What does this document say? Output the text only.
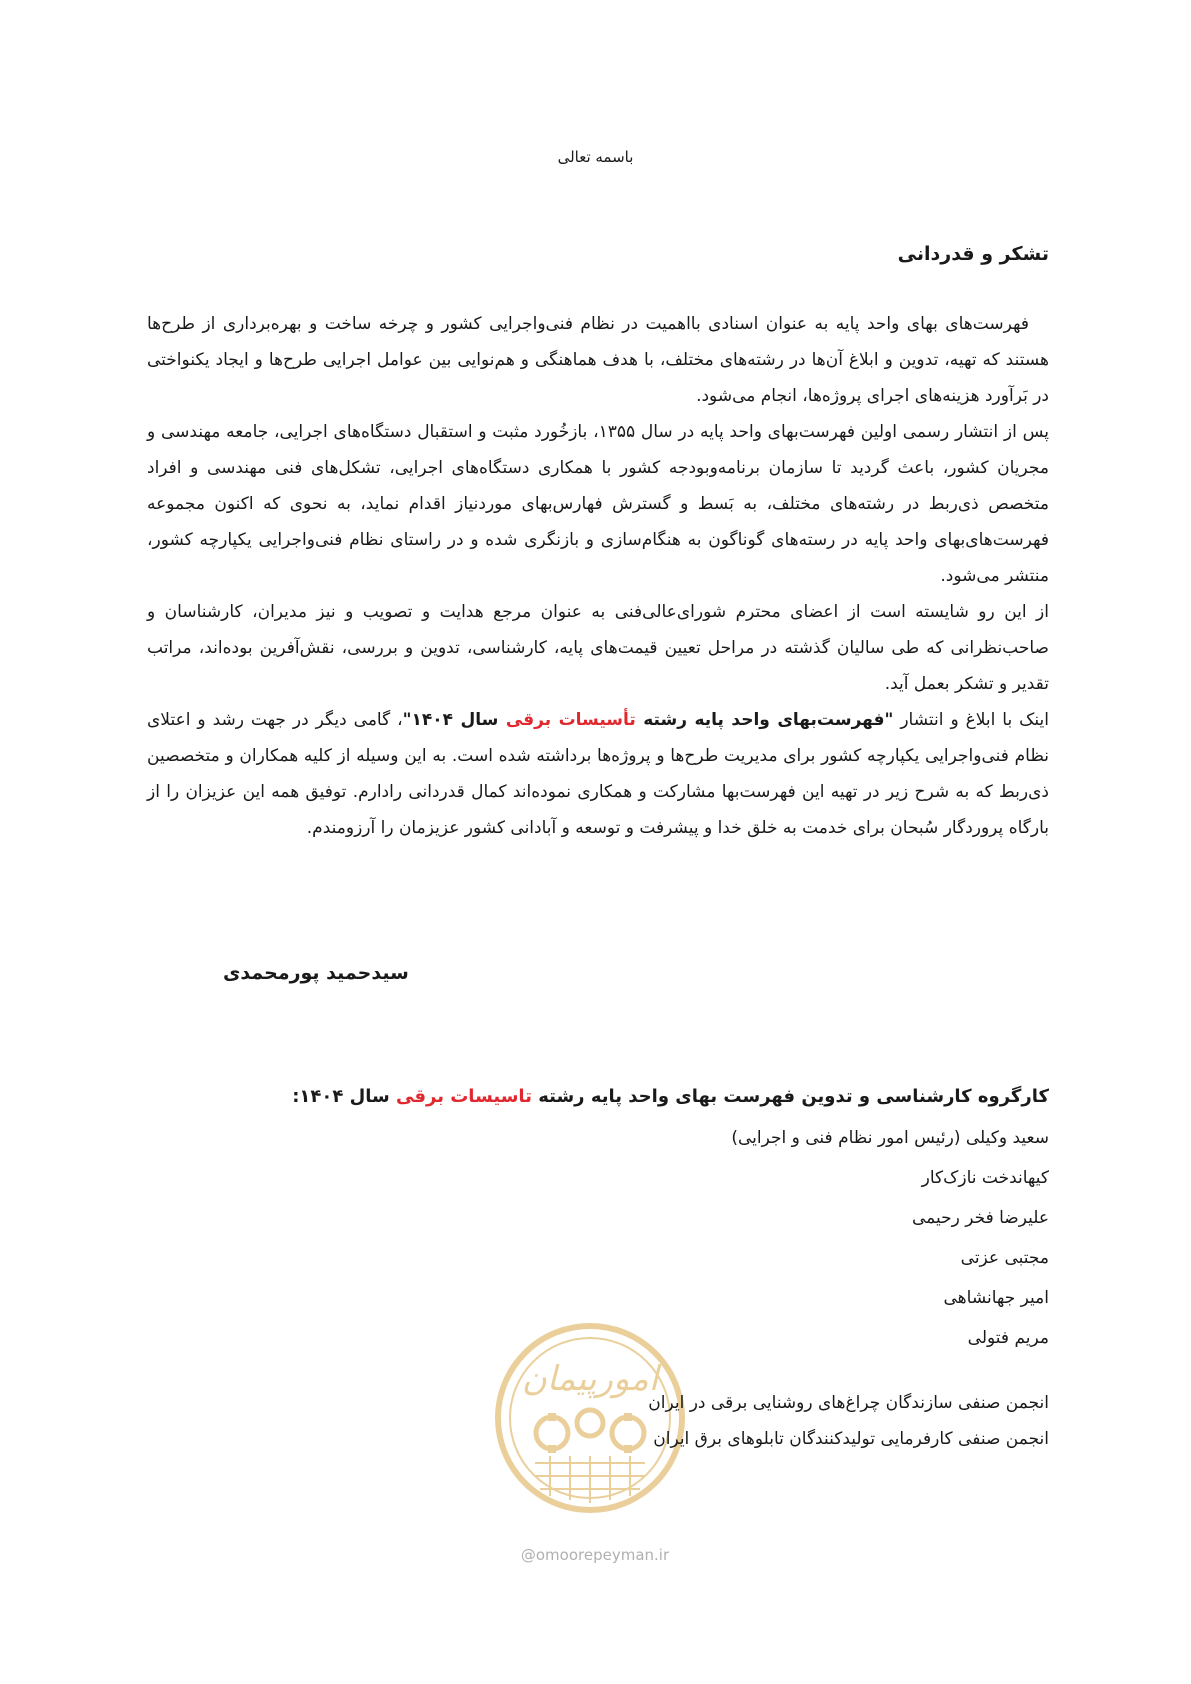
باسمه تعالی
تشکر و قدردانی

فهرست‌های بهای واحد پایه به عنوان اسنادی بااهمیت در نظام فنی‌واجرایی کشور و چرخه ساخت و بهره‌برداری از طرح‌ها هستند که تهیه، تدوین و ابلاغ آن‌ها در رشته‌های مختلف، با هدف هماهنگی و هم‌نوایی بین عوامل اجرایی طرح‌ها و ایجاد یکنواختی در بَرآورد هزینه‌های اجرای پروژه‌ها، انجام می‌شود.

پس از انتشار رسمی اولین فهرست‌بهای واحد پایه در سال ۱۳۵۵، بازخُورد مثبت و استقبال دستگاه‌های اجرایی، جامعه مهندسی و مجریان کشور، باعث گردید تا سازمان برنامه‌وبودجه کشور با همکاری دستگاه‌های اجرایی، تشکل‌های فنی مهندسی و افراد متخصص ذی‌ربط در رشته‌های مختلف، به بَسط و گسترش فهارس‌بهای موردنیاز اقدام نماید، به نحوی که اکنون مجموعه فهرست‌های‌بهای واحد پایه در رسته‌های گوناگون به هنگام‌سازی و بازنگری شده و در راستای نظام فنی‌واجرایی یکپارچه کشور، منتشر می‌شود.

از این رو شایسته است از اعضای محترم شورای‌عالی‌فنی به عنوان مرجع هدایت و تصویب و نیز مدیران، کارشناسان و صاحب‌نظرانی که طی سالیان گذشته در مراحل تعیین قیمت‌های پایه، کارشناسی، تدوین و بررسی، نقش‌آفرین بوده‌اند، مراتب تقدیر و تشکر بعمل آید.

اینک با ابلاغ و انتشار "فهرست‌بهای واحد پایه رشته تأسیسات برقی سال ۱۴۰۴"، گامی دیگر در جهت رشد و اعتلای نظام فنی‌واجرایی یکپارچه کشور برای مدیریت طرح‌ها و پروژه‌ها برداشته شده است. به این وسیله از کلیه همکاران و متخصصین ذی‌ربط که به شرح زیر در تهیه این فهرست‌بها مشارکت و همکاری نموده‌اند کمال قدردانی رادارم. توفیق همه این عزیزان را از بارگاه پروردگار سُبحان برای خدمت به خلق خدا و پیشرفت و توسعه و آبادانی کشور عزیزمان را آرزومندم.

سیدحمید پورمحمدی
کارگروه کارشناسی و تدوین فهرست بهای واحد پایه رشته تاسیسات برقی سال ۱۴۰۴:
سعید وکیلی (رئیس امور نظام فنی و اجرایی)
کیهاندخت نازک‌کار
علیرضا فخر رحیمی
مجتبی عزتی
امیر جهانشاهی
مریم فتولی
امورپیمان
انجمن صنفی سازندگان چراغ‌های روشنایی برقی در ایران
انجمن صنفی کارفرمایی تولیدکنندگان تابلوهای برق ایران
@omoorepeyman.ir
